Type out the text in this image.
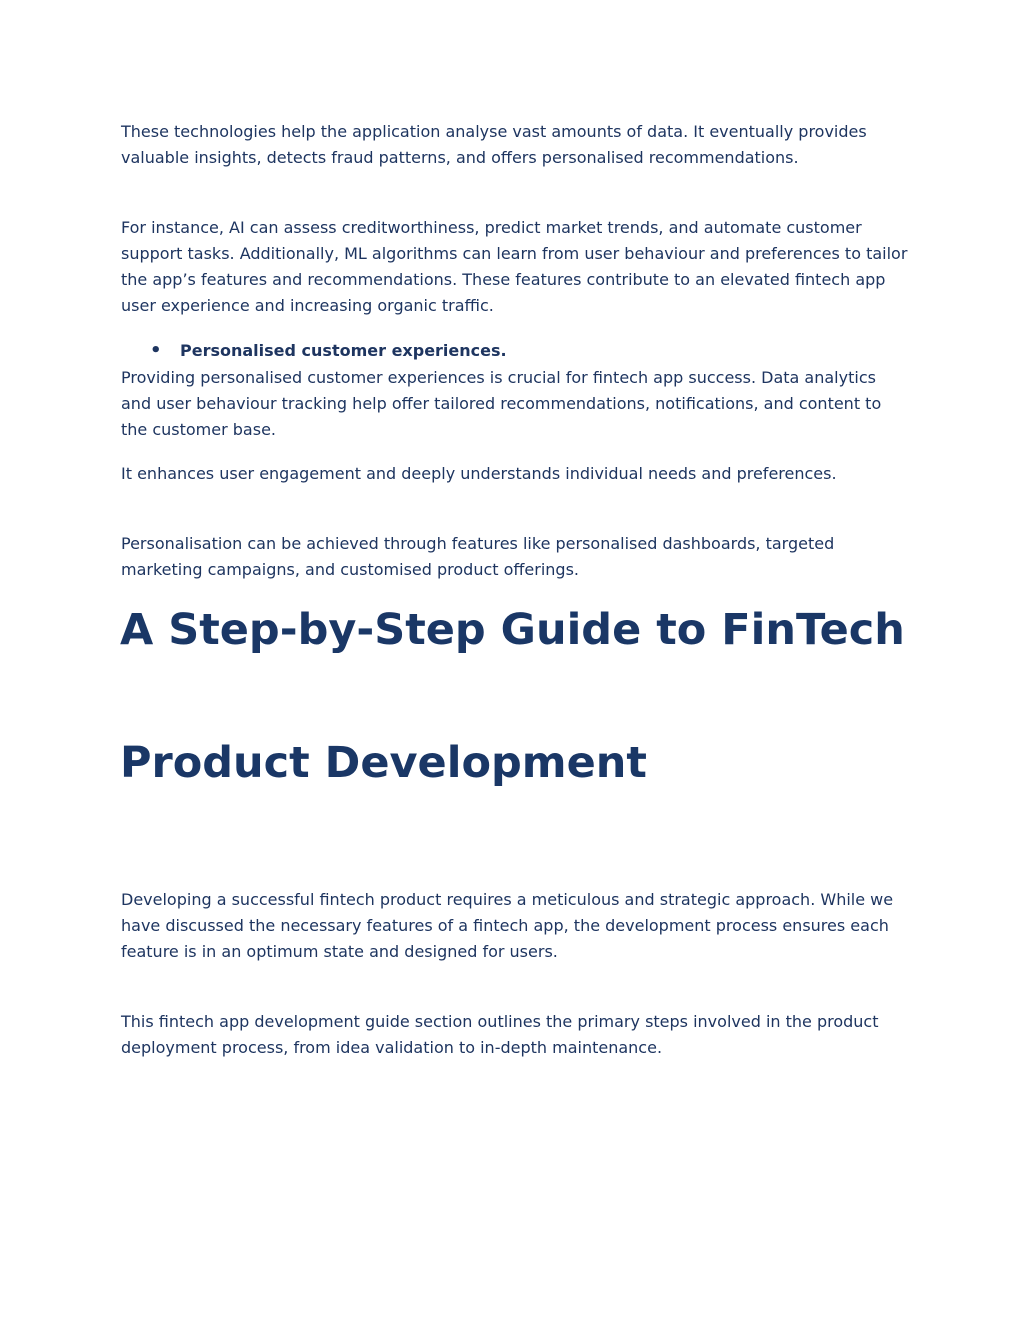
These technologies help the application analyse vast amounts of data. It eventually provides valuable insights, detects fraud patterns, and offers personalised recommendations.

For instance, AI can assess creditworthiness, predict market trends, and automate customer support tasks. Additionally, ML algorithms can learn from user behaviour and preferences to tailor the app’s features and recommendations. These features contribute to an elevated fintech app user experience and increasing organic traffic.

•	Personalised customer experiences.

Providing personalised customer experiences is crucial for fintech app success. Data analytics and user behaviour tracking help offer tailored recommendations, notifications, and content to the customer base.

It enhances user engagement and deeply understands individual needs and preferences.

Personalisation can be achieved through features like personalised dashboards, targeted marketing campaigns, and customised product offerings.

A Step-by-Step Guide to FinTech
Product Development

Developing a successful fintech product requires a meticulous and strategic approach. While we have discussed the necessary features of a fintech app, the development process ensures each feature is in an optimum state and designed for users.

This fintech app development guide section outlines the primary steps involved in the product deployment process, from idea validation to in-depth maintenance.
